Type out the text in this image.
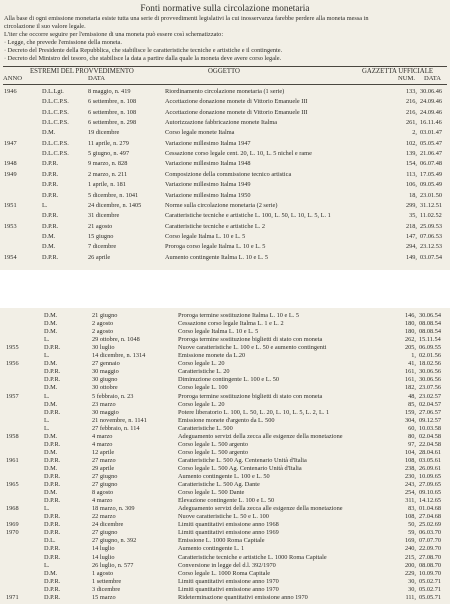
Fonti normative sulla circolazione monetaria
Alla base di ogni emissione monetaria esiste tutta una serie di provvedimenti legislativi la cui inosservanza farebbe perdere alla moneta messa in
circolazione il suo valore legale.
L'iter che occorre seguire per l'emissione di una moneta può essere così schematizzato:
· Legge, che prevede l'emissione della moneta.
· Decreto del Presidente della Repubblica, che stabilisce le caratteristiche tecniche e artistiche e il contingente.
· Decreto del Ministro del tesoro, che stabilisce la data a partire dalla quale la moneta deve avere corso legale.
ESTREMI DEL PROVVEDIMENTO	OGGETTO	GAZZETTA UFFICIALE
ANNO	DATA	NUM. DATA
1946	D.L.Lgt.	8 maggio, n. 419	Riordinamento circolazione monetaria (1 serie)	133, 30.06.46
D.L.C.P.S.	6 settembre, n. 108	Accettazione donazione monete di Vittorio Emanuele III	216, 24.09.46
D.L.C.P.S.	6 settembre, n. 108	Accettazione donazione monete di Vittorio Emanuele III	216, 24.09.46
D.L.C.P.S.	6 settembre, n. 298	Autorizzazione fabbricazione monete Italma	261, 16.11.46
D.M.	19 dicembre	Corso legale monete Italma	2, 03.01.47
1947	D.L.C.P.S.	11 aprile, n. 279	Variazione millesimo Italma 1947	102, 05.05.47
D.L.C.P.S.	5 giugno, n. 497	Cessazione corso legale cent. 20, L. 10, L. 5 nichel e rame	139, 21.06.47
1948	D.P.R.	9 marzo, n. 828	Variazione millesimo Italma 1948	154, 06.07.48
1949	D.P.R.	2 marzo, n. 211	Composizione della commissione tecnico artistica	113, 17.05.49
D.P.R.	1 aprile, n. 181	Variazione millesimo Italma 1949	106, 09.05.49
D.P.R.	5 dicembre, n. 1041	Variazione millesimo Italma 1950	18, 23.01.50
1951	L.	24 dicembre, n. 1405	Norme sulla circolazione monetaria (2 serie)	299, 31.12.51
D.P.R.	31 dicembre	Caratteristiche tecniche e artistiche L. 100, L. 50, L. 10, L. 5, L. 1	35, 11.02.52
1953	D.P.R.	21 agosto	Caratteristiche tecniche e artistiche L. 2	218, 25.09.53
D.M.	15 giugno	Corso legale Italma L. 10 e L. 5	147, 07.06.53
D.M.	7 dicembre	Proroga corso legale Italma L. 10 e L. 5	294, 23.12.53
1954	D.P.R.	26 aprile	Aumento contingente Italma L. 10 e L. 5	149, 03.07.54
D.M.	21 giugno	Proroga termine sostituzione Italma L. 10 e L. 5	146, 30.06.54
D.M.	2 agosto	Cessazione corso legale Italma L. 1 e L. 2	180, 08.08.54
D.M.	2 agosto	Corso legale Italma L. 10 e L. 5	180, 08.08.54
L.	29 ottobre, n. 1048	Proroga termine sostituzione biglietti di stato con moneta	262, 15.11.54
1955	D.P.R.	30 luglio	Nuove caratteristiche L. 100 e L. 50 e aumento contingenti	205, 06.09.55
L.	14 dicembre, n. 1314	Emissione monete da L.20	1, 02.01.56
1956	D.M.	27 gennaio	Corso legale L. 20	41, 18.02.56
D.P.R.	30 maggio	Caratteristiche L. 20	161, 30.06.56
D.P.R.	30 giugno	Diminuzione contingente L. 100 e L. 50	161, 30.06.56
D.M.	30 ottobre	Corso legale L. 100	182, 23.07.56
1957	L.	5 febbraio, n. 23	Proroga termine sostituzione biglietti di stato con moneta	48, 23.02.57
D.M.	23 marzo	Corso legale L. 20	85, 02.04.57
D.P.R.	30 maggio	Potere liberatorio L. 100, L. 50, L. 20, L. 10, L. 5, L. 2, L. 1	159, 27.06.57
L.	21 novembre, n. 1141	Emissione monete d'argento da L. 500	304, 09.12.57
L.	27 febbraio, n. 114	Caratteristiche L. 500	60, 10.03.58
1958	D.M.	4 marzo	Adeguamento servizi della zecca alle esigenze della monetazione	80, 02.04.58
D.P.R.	4 marzo	Corso legale L. 500 argento	97, 22.04.58
D.M.	12 aprile	Corso legale L. 500 argento	104, 28.04.61
1961	D.P.R.	27 marzo	Caratteristiche L. 500 Ag. Centenario Unità d'Italia	108, 03.05.61
D.M.	29 aprile	Corso legale L. 500 Ag. Centenario Unità d'Italia	238, 26.09.61
D.P.R.	27 giugno	Aumento contingente L. 100 e L. 50	230, 10.09.65
1965	D.P.R.	27 giugno	Caratteristiche L. 500 Ag. Dante	243, 27.09.65
D.M.	8 agosto	Corso legale L. 500 Dante	254, 09.10.65
D.P.R.	4 marzo	Elevazione contingente L. 100 e L. 50	311, 14.12.65
1968	L.	18 marzo, n. 309	Adeguamento servizi della zecca alle esigenze della monetazione	83, 01.04.68
D.P.R.	22 marzo	Nuove caratteristiche L. 50 e L. 100	108, 27.04.68
1969	D.P.R.	24 dicembre	Limiti quantitativi emissione anno 1968	50, 25.02.69
1970	D.P.R.	27 giugno	Limiti quantitativi emissione anno 1969	59, 06.03.70
D.L.	27 giugno, n. 392	Emissione L. 1000 Roma Capitale	169, 07.07.70
D.P.R.	14 luglio	Aumento contingente L. 1	240, 22.09.70
D.P.R.	14 luglio	Caratteristiche tecniche e artistiche L. 1000 Roma Capitale	215, 27.08.70
L.	26 luglio, n. 577	Conversione in legge del d.l. 392/1970	200, 08.08.70
D.M.	1 agosto	Corso legale L. 1000 Roma Capitale	229, 10.09.70
D.P.R.	1 settembre	Limiti quantitativi emissione anno 1970	30, 05.02.71
D.P.R.	3 dicembre	Limiti quantitativi emissione anno 1970	30, 05.02.71
1971	D.P.R.	15 marzo	Rideterminazione quantitativi emissione anno 1970	111, 05.05.71
